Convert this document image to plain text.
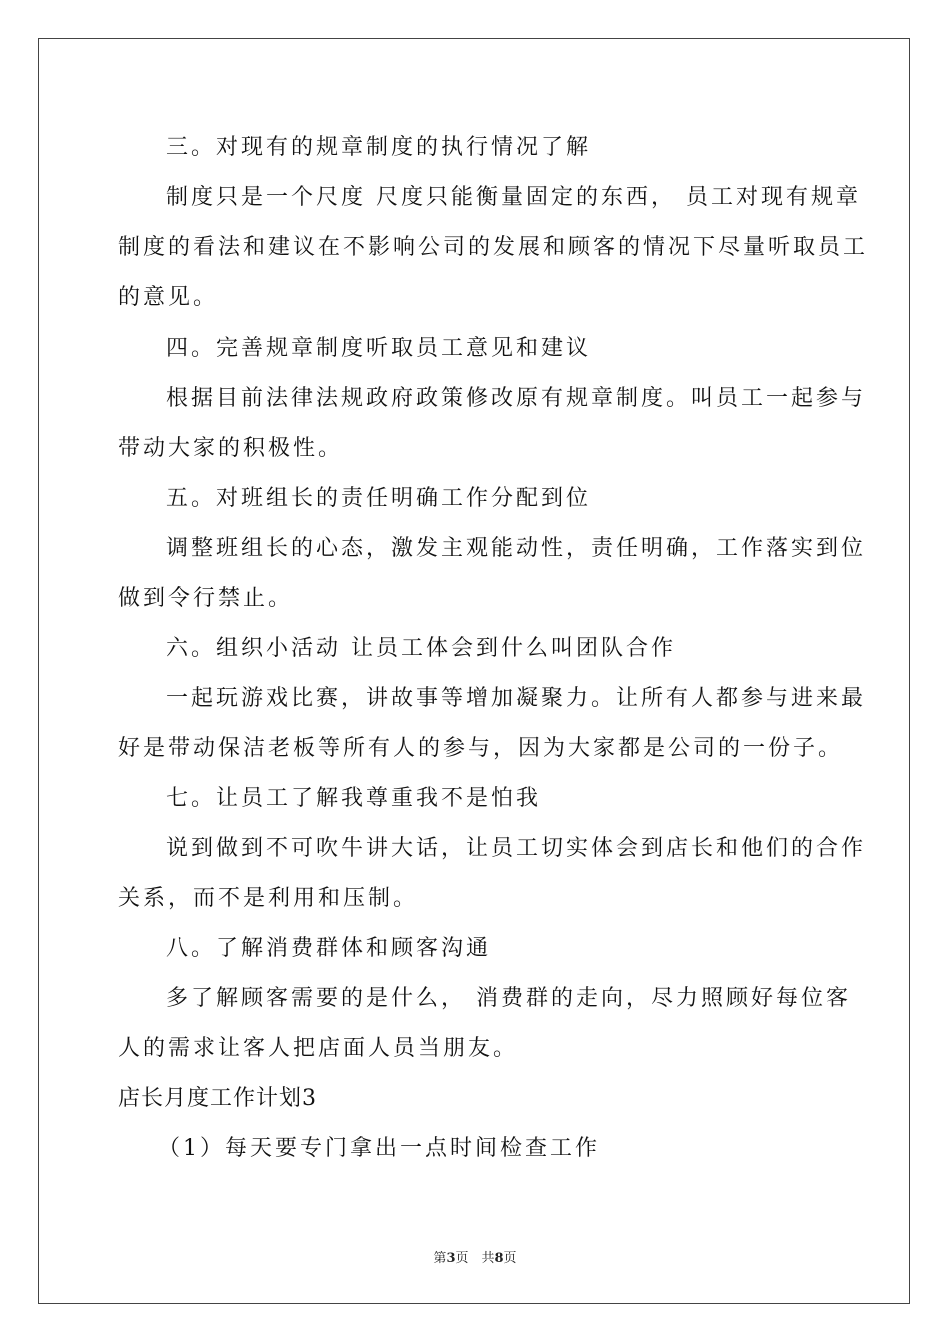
三。对现有的规章制度的执行情况了解

制度只是一个尺度 尺度只能衡量固定的东西， 员工对现有规章

制度的看法和建议在不影响公司的发展和顾客的情况下尽量听取员工

的意见。

四。完善规章制度听取员工意见和建议

根据目前法律法规政府政策修改原有规章制度。叫员工一起参与

带动大家的积极性。

五。对班组长的责任明确工作分配到位

调整班组长的心态，激发主观能动性，责任明确，工作落实到位

做到令行禁止。

六。组织小活动 让员工体会到什么叫团队合作

一起玩游戏比赛，讲故事等增加凝聚力。让所有人都参与进来最

好是带动保洁老板等所有人的参与，因为大家都是公司的一份子。

七。让员工了解我尊重我不是怕我

说到做到不可吹牛讲大话，让员工切实体会到店长和他们的合作

关系，而不是利用和压制。

八。了解消费群体和顾客沟通

多了解顾客需要的是什么， 消费群的走向，尽力照顾好每位客

人的需求让客人把店面人员当朋友。

店长月度工作计划3

（1）每天要专门拿出一点时间检查工作

第3页　共8页
